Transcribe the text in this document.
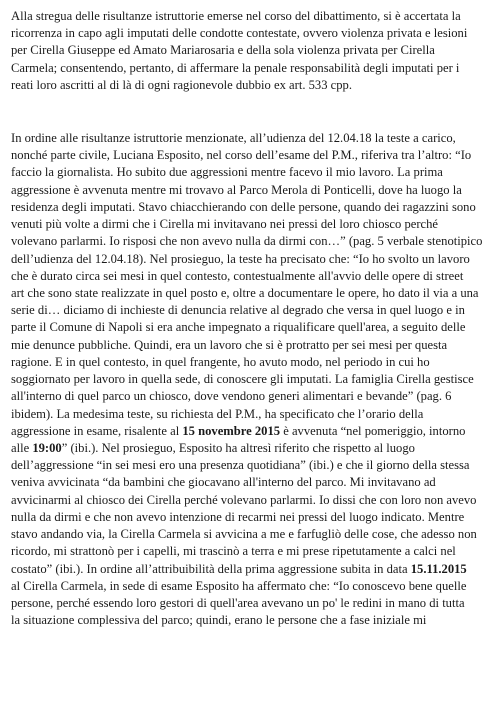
Alla stregua delle risultanze istruttorie emerse nel corso del dibattimento, si è accertata la
ricorrenza in capo agli imputati delle condotte contestate, ovvero violenza privata e lesioni
per Cirella Giuseppe ed Amato Mariarosaria e della sola violenza privata per Cirella
Carmela; consentendo, pertanto, di affermare la penale responsabilità degli imputati per i
reati loro ascritti al di là di ogni ragionevole dubbio ex art. 533 cpp.
In ordine alle risultanze istruttorie menzionate, all’udienza del 12.04.18 la teste a carico,
nonché parte civile, Luciana Esposito, nel corso dell’esame del P.M., riferiva tra l’altro: “Io
faccio la giornalista. Ho subito due aggressioni mentre facevo il mio lavoro. La prima
aggressione è avvenuta mentre mi trovavo al Parco Merola di Ponticelli, dove ha luogo la
residenza degli imputati. Stavo chiacchierando con delle persone, quando dei ragazzini sono
venuti più volte a dirmi che i Cirella mi invitavano nei pressi del loro chiosco perché
volevano parlarmi. Io risposi che non avevo nulla da dirmi con…” (pag. 5 verbale stenotipico
dell’udienza del 12.04.18). Nel prosieguo, la teste ha precisato che: “Io ho svolto un lavoro
che è durato circa sei mesi in quel contesto, contestualmente all'avvio delle opere di street
art che sono state realizzate in quel posto e, oltre a documentare le opere, ho dato il via a una
serie di… diciamo di inchieste di denuncia relative al degrado che versa in quel luogo e in
parte il Comune di Napoli si era anche impegnato a riqualificare quell'area, a seguito delle
mie denunce pubbliche. Quindi, era un lavoro che si è protratto per sei mesi per questa
ragione. E in quel contesto, in quel frangente, ho avuto modo, nel periodo in cui ho
soggiornato per lavoro in quella sede, di conoscere gli imputati. La famiglia Cirella gestisce
all'interno di quel parco un chiosco, dove vendono generi alimentari e bevande” (pag. 6
ibidem). La medesima teste, su richiesta del P.M., ha specificato che l’orario della
aggressione in esame, risalente al 15 novembre 2015 è avvenuta “nel pomeriggio, intorno
alle 19:00” (ibi.). Nel prosieguo, Esposito ha altresì riferito che rispetto al luogo
dell’aggressione “in sei mesi ero una presenza quotidiana” (ibi.) e che il giorno della stessa
veniva avvicinata “da bambini che giocavano all'interno del parco. Mi invitavano ad
avvicinarmi al chiosco dei Cirella perché volevano parlarmi. Io dissi che con loro non avevo
nulla da dirmi e che non avevo intenzione di recarmi nei pressi del luogo indicato. Mentre
stavo andando via, la Cirella Carmela si avvicina a me e farfugliò delle cose, che adesso non
ricordo, mi strattonò per i capelli, mi trascinò a terra e mi prese ripetutamente a calci nel
costato” (ibi.). In ordine all’attribuibilità della prima aggressione subita in data 15.11.2015
al Cirella Carmela, in sede di esame Esposito ha affermato che: “Io conoscevo bene quelle
persone, perché essendo loro gestori di quell'area avevano un po' le redini in mano di tutta
la situazione complessiva del parco; quindi, erano le persone che a fase iniziale mi
